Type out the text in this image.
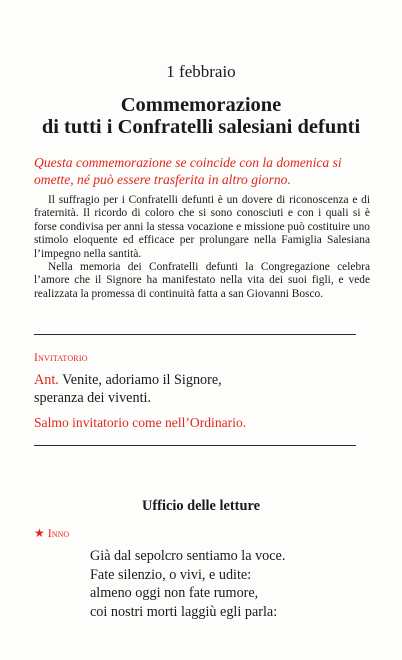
1 febbraio
Commemorazione
di tutti i Confratelli salesiani defunti
Questa commemorazione se coincide con la domenica si omette, né può essere trasferita in altro giorno.

Il suffragio per i Confratelli defunti è un dovere di riconoscenza e di fraternità. Il ricordo di coloro che si sono conosciuti e con i quali si è forse condivisa per anni la stessa vocazione e missione può costituire uno stimolo eloquente ed efficace per prolungare nella Famiglia Salesiana l’impegno nella santità.

Nella memoria dei Confratelli defunti la Congregazione celebra l’amore che il Signore ha manifestato nella vita dei suoi figli, e vede realizzata la promessa di continuità fatta a san Giovanni Bosco.

Invitatorio
Ant. Venite, adoriamo il Signore,
speranza dei viventi.
Salmo invitatorio come nell’Ordinario.
Ufficio delle letture
★ Inno
Già dal sepolcro sentiamo la voce.
Fate silenzio, o vivi, e udite:
almeno oggi non fate rumore,
coi nostri morti laggiù egli parla:
